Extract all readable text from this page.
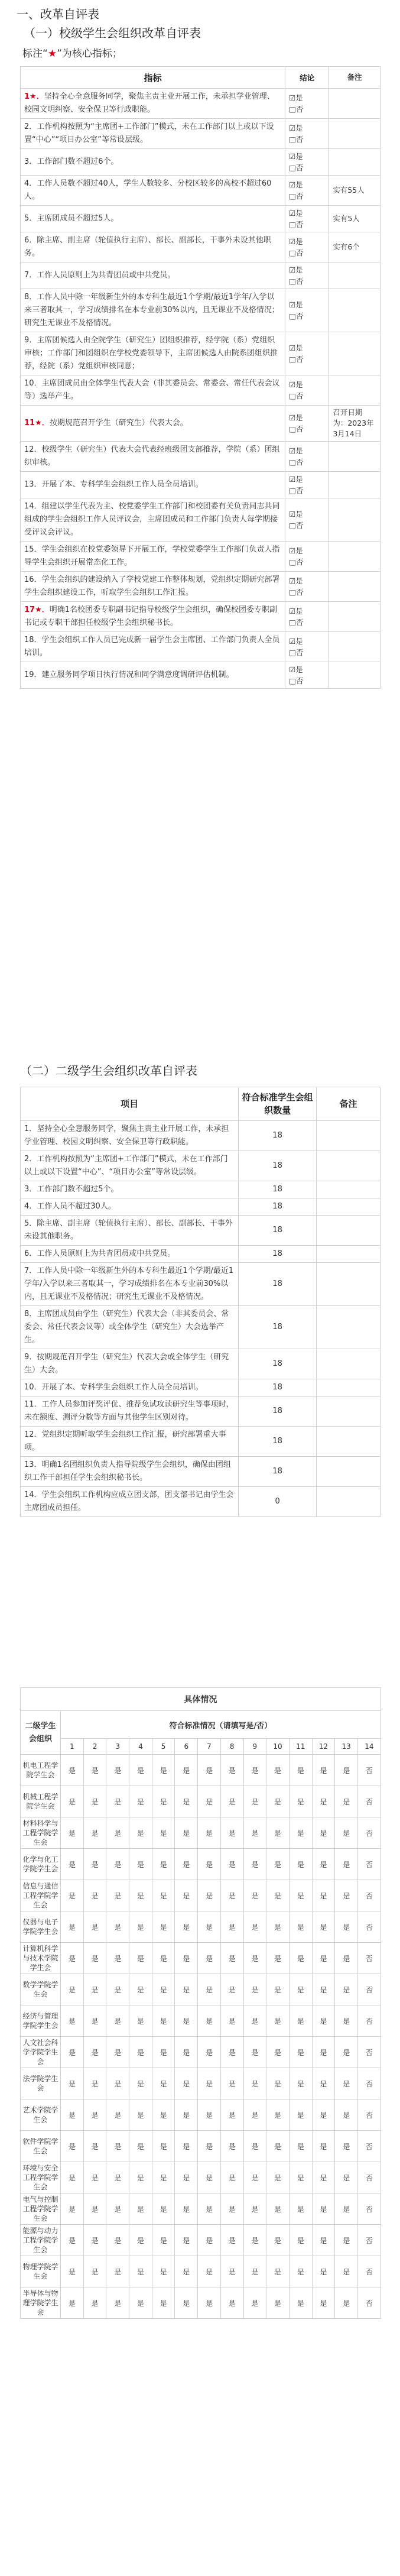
一、改革自评表
（一）校级学生会组织改革自评表
标注“★”为核心指标；
指标	结论	备注
1★．坚持全心全意服务同学，聚焦主责主业开展工作，未承担学业管理、校园文明纠察、安全保卫等行政职能。	☑是
□否	

2．工作机构按照为“主席团+工作部门”模式，未在工作部门以上或以下设置“中心”“项目办公室”等常设层级。	☑是
□否	

3．工作部门数不超过6个。	☑是
□否	

4．工作人员数不超过40人，学生人数较多、分校区较多的高校不超过60人。	☑是
□否	实有55人
5．主席团成员不超过5人。	☑是
□否	实有5人
6．除主席、副主席（轮值执行主席）、部长、副部长，干事外未设其他职务。	☑是
□否	实有6个
7．工作人员原则上为共青团员或中共党员。	☑是
□否	

8．工作人员中除一年级新生外的本专科生最近1个学期/最近1学年/入学以来三者取其一，学习成绩排名在本专业前30%以内，且无课业不及格情况；研究生无课业不及格情况。	☑是
□否	

9．主席团候选人由全院学生（研究生）团组织推荐，经学院（系）党组织审核；工作部门和团组织在学校党委领导下，主席团候选人由院系团组织推荐，经院（系）党组织审核同意；	☑是
□否	

10．主席团成员由全体学生代表大会（非其委员会、常委会、常任代表会议等）选举产生。	☑是
□否	

11★．按期规范召开学生（研究生）代表大会。	☑是
□否	召开日期为：2023年3月14日
12．校级学生（研究生）代表大会代表经班级团支部推荐，学院（系）团组织审核。	☑是
□否	

13．开展了本、专科学生会组织工作人员全员培训。	☑是
□否	

14．组建以学生代表为主、校党委学生工作部门和校团委有关负责同志共同组成的学生会组织工作人员评议会，主席团成员和工作部门负责人每学期接受评议会评议。	☑是
□否	

15．学生会组织在校党委领导下开展工作，学校党委学生工作部门负责人指导学生会组织开展常态化工作。	☑是
□否	

16．学生会组织的建设纳入了学校党建工作整体规划，党组织定期研究部署学生会组织建设工作，听取学生会组织工作汇报。	☑是
□否	

17★．明确1名校团委专职副书记指导校级学生会组织，确保校团委专职副书记或专职干部担任校级学生会组织秘书长。	☑是
□否	

18．学生会组织工作人员已完成新一届学生会主席团、工作部门负责人全员培训。	☑是
□否	

19．建立服务同学项目执行情况和同学满意度调研评估机制。	☑是
□否	

（二）二级学生会组织改革自评表
项目	符合标准学生会组织数量	备注
1．坚持全心全意服务同学，聚焦主责主业开展工作，未承担学业管理、校园文明纠察、安全保卫等行政职能。	18	
2．工作机构按照为“主席团+工作部门”模式，未在工作部门以上或以下设置“中心”、“项目办公室”等常设层级。	18	
3．工作部门数不超过5个。	18	
4．工作人员不超过30人。	18	
5．除主席、副主席（轮值执行主席）、部长、副部长、干事外未设其他职务。	18	
6．工作人员原则上为共青团员或中共党员。	18	
7．工作人员中除一年级新生外的本专科生最近1个学期/最近1学年/入学以来三者取其一，学习成绩排名在本专业前30%以内，且无课业不及格情况；研究生无课业不及格情况。	18	
8．主席团成员由学生（研究生）代表大会（非其委员会、常委会、常任代表会议等）或全体学生（研究生）大会选举产生。	18	
9．按期规范召开学生（研究生）代表大会或全体学生（研究生）大会。	18	
10．开展了本、专科学生会组织工作人员全员培训。	18	
11．工作人员参加评奖评优、推荐免试攻读研究生等事项时，未在额度、测评分数等方面与其他学生区别对待。	18	
12．党组织定期听取学生会组织工作汇报，研究部署重大事项。	18	
13．明确1名团组织负责人指导院级学生会组织，确保由团组织工作干部担任学生会组织秘书长。	18	
14．学生会组织工作机构应成立团支部，团支部书记由学生会主席团成员担任。	0	
具体情况														
二级学生会组织	符合标准情况（请填写是/否）													
	1	2	3	4	5	6	7	8	9	10	11	12	13	14
机电工程学院学生会	是	是	是	是	是	是	是	是	是	是	是	是	是	否
机械工程学院学生会	是	是	是	是	是	是	是	是	是	是	是	是	是	否
材料科学与工程学院学生会	是	是	是	是	是	是	是	是	是	是	是	是	是	否
化学与化工学院学生会	是	是	是	是	是	是	是	是	是	是	是	是	是	否
信息与通信工程学院学生会	是	是	是	是	是	是	是	是	是	是	是	是	是	否
仪器与电子学院学生会	是	是	是	是	是	是	是	是	是	是	是	是	是	否
计算机科学与技术学院学生会	是	是	是	是	是	是	是	是	是	是	是	是	是	否
数学学院学生会	是	是	是	是	是	是	是	是	是	是	是	是	是	否
经济与管理学院学生会	是	是	是	是	是	是	是	是	是	是	是	是	是	否
人文社会科学学院学生会	是	是	是	是	是	是	是	是	是	是	是	是	是	否
法学院学生会	是	是	是	是	是	是	是	是	是	是	是	是	是	否
艺术学院学生会	是	是	是	是	是	是	是	是	是	是	是	是	是	否
软件学院学生会	是	是	是	是	是	是	是	是	是	是	是	是	是	否
环境与安全工程学院学生会	是	是	是	是	是	是	是	是	是	是	是	是	是	否
电气与控制工程学院学生会	是	是	是	是	是	是	是	是	是	是	是	是	是	否
能源与动力工程学院学生会	是	是	是	是	是	是	是	是	是	是	是	是	是	否
物理学院学生会	是	是	是	是	是	是	是	是	是	是	是	是	是	否
半导体与物理学院学生会	是	是	是	是	是	是	是	是	是	是	是	是	是	否
